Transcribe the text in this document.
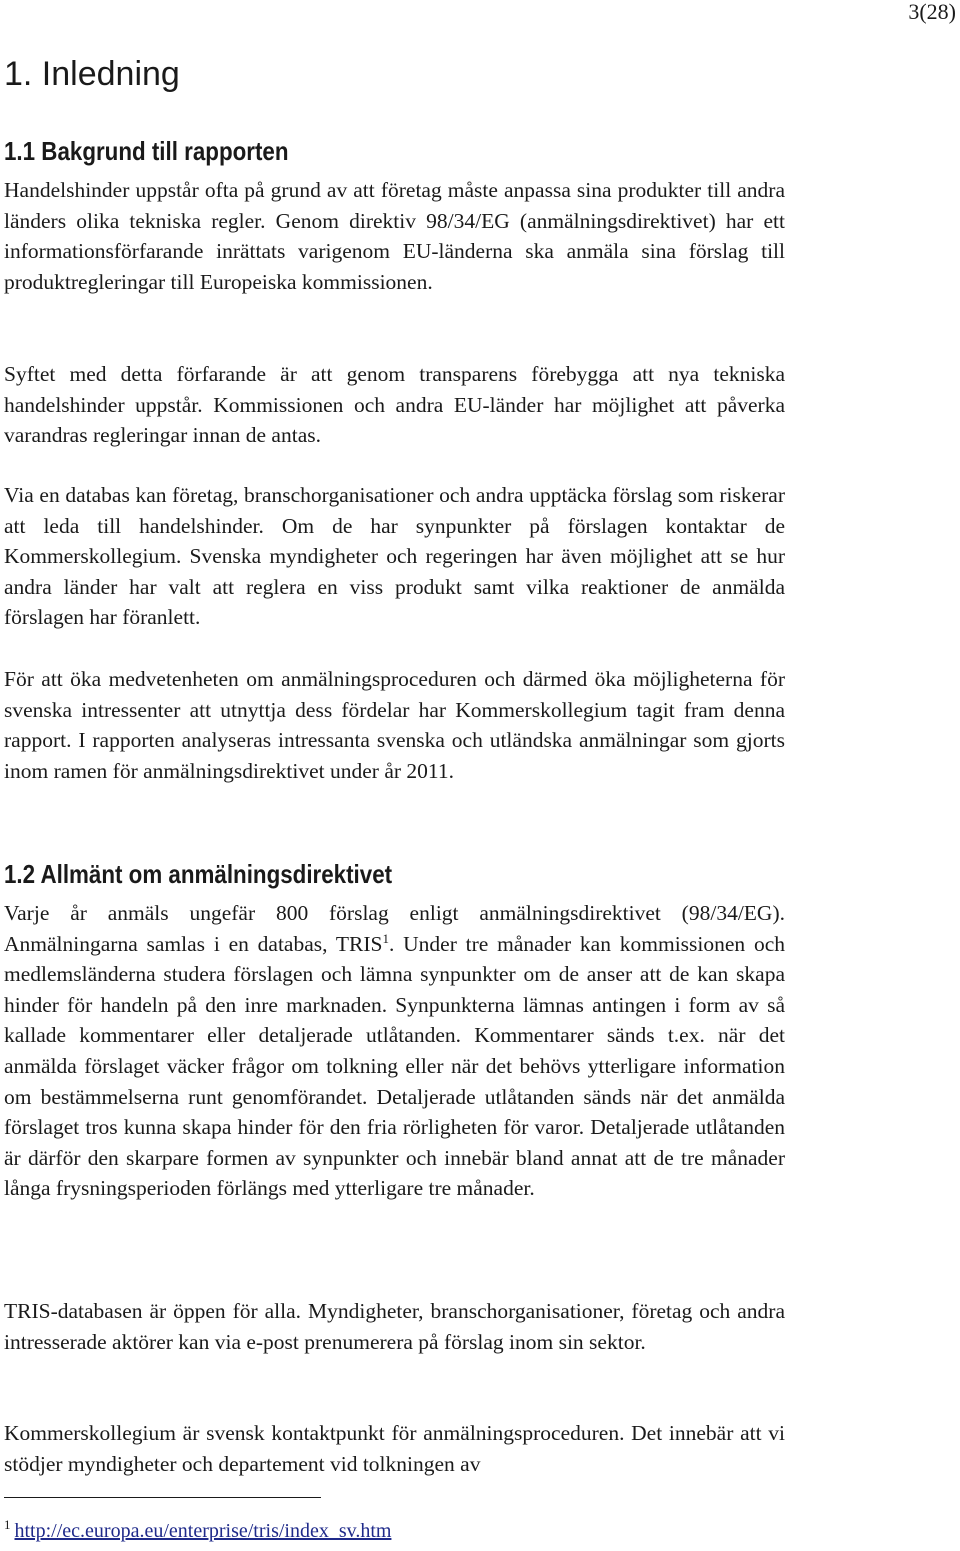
3(28)
1. Inledning
1.1 Bakgrund till rapporten

Handelshinder uppstår ofta på grund av att företag måste anpassa sina produkter till andra länders olika tekniska regler. Genom direktiv 98/34/EG (anmälningsdirektivet) har ett informationsförfarande inrättats varigenom EU-länderna ska anmäla sina förslag till produktregleringar till Europeiska kommissionen.

Syftet med detta förfarande är att genom transparens förebygga att nya tekniska handelshinder uppstår. Kommissionen och andra EU-länder har möjlighet att påverka varandras regleringar innan de antas.

Via en databas kan företag, branschorganisationer och andra upptäcka förslag som riskerar att leda till handelshinder. Om de har synpunkter på förslagen kontaktar de Kommerskollegium. Svenska myndigheter och regeringen har även möjlighet att se hur andra länder har valt att reglera en viss produkt samt vilka reaktioner de anmälda förslagen har föranlett.

För att öka medvetenheten om anmälningsproceduren och därmed öka möjligheterna för svenska intressenter att utnyttja dess fördelar har Kommerskollegium tagit fram denna rapport. I rapporten analyseras intressanta svenska och utländska anmälningar som gjorts inom ramen för anmälningsdirektivet under år 2011.

1.2 Allmänt om anmälningsdirektivet

Varje år anmäls ungefär 800 förslag enligt anmälningsdirektivet (98/34/EG). Anmälningarna samlas i en databas, TRIS$^1$. Under tre månader kan kommissionen och medlemsländerna studera förslagen och lämna synpunkter om de anser att de kan skapa hinder för handeln på den inre marknaden. Synpunkterna lämnas antingen i form av så kallade kommentarer eller detaljerade utlåtanden. Kommentarer sänds t.ex. när det anmälda förslaget väcker frågor om tolkning eller när det behövs ytterligare information om bestämmelserna runt genomförandet. Detaljerade utlåtanden sänds när det anmälda förslaget tros kunna skapa hinder för den fria rörligheten för varor. Detaljerade utlåtanden är därför den skarpare formen av synpunkter och innebär bland annat att de tre månader långa frysningsperioden förlängs med ytterligare tre månader.

TRIS-databasen är öppen för alla. Myndigheter, branschorganisationer, företag och andra intresserade aktörer kan via e-post prenumerera på förslag inom sin sektor.

Kommerskollegium är svensk kontaktpunkt för anmälningsproceduren. Det innebär att vi stödjer myndigheter och departement vid tolkningen av

$^1$ http://ec.europa.eu/enterprise/tris/index_sv.htm
